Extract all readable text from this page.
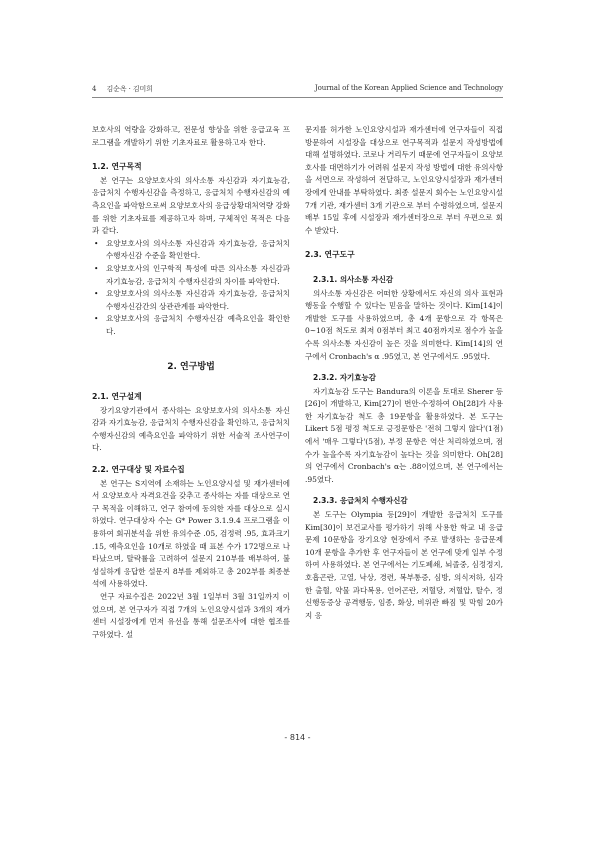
4 김순옥 · 김미희	Journal of the Korean Applied Science and Technology

보호사의 역량을 강화하고, 전문성 향상을 위한 응급교육 프로그램을 개발하기 위한 기초자료로 활용하고자 한다.

1.2. 연구목적

본 연구는 요양보호사의 의사소통 자신감과 자기효능감, 응급처치 수행자신감을 측정하고, 응급처치 수행자신감의 예측요인을 파악함으로써 요양보호사의 응급상황대처역량 강화를 위한 기초자료를 제공하고자 하며, 구체적인 목적은 다음과 같다.

• 요양보호사의 의사소통 자신감과 자기효능감, 응급처치 수행자신감 수준을 확인한다.
• 요양보호사의 인구학적 특성에 따른 의사소통 자신감과 자기효능감, 응급처치 수행자신감의 차이를 파악한다.
• 요양보호사의 의사소통 자신감과 자기효능감, 응급처치 수행자신감간의 상관관계를 파악한다.
• 요양보호사의 응급처치 수행자신감 예측요인을 확인한다.
2. 연구방법
2.1. 연구설계

장기요양기관에서 종사하는 요양보호사의 의사소통 자신감과 자기효능감, 응급처치 수행자신감을 확인하고, 응급처치 수행자신감의 예측요인을 파악하기 위한 서술적 조사연구이다.

2.2. 연구대상 및 자료수집

본 연구는 S지역에 소재하는 노인요양시설 및 재가센터에서 요양보호사 자격요건을 갖추고 종사하는 자를 대상으로 연구 목적을 이해하고, 연구 참여에 동의한 자를 대상으로 실시하였다. 연구대상자 수는 G* Power 3.1.9.4 프로그램을 이용하여 회귀분석을 위한 유의수준 .05, 검정력 .95, 효과크기 .15, 예측요인을 10개로 하였을 때 표본 수가 172명으로 나타났으며, 탈락률을 고려하여 설문지 210부를 배부하여, 불성실하게 응답한 설문지 8부를 제외하고 총 202부를 최종분석에 사용하였다.

연구 자료수집은 2022년 3월 1일부터 3월 31일까지 이었으며, 본 연구자가 직접 7개의 노인요양시설과 3개의 재가센터 시설장에게 먼저 유선을 통해 설문조사에 대한 협조를 구하였다. 설

문지를 허가한 노인요양시설과 재가센터에 연구자들이 직접 방문하여 시설장을 대상으로 연구목적과 설문지 작성방법에 대해 설명하였다. 코로나 거리두기 때문에 연구자들이 요양보호사를 대면하기가 어려워 설문지 작성 방법에 대한 유의사항을 서면으로 작성하여 전달하고, 노인요양시설장과 재가센터장에게 안내를 부탁하였다. 최종 설문지 회수는 노인요양시설 7개 기관, 재가센터 3개 기관으로 부터 수령하였으며, 설문지 배부 15일 후에 시설장과 재가센터장으로 부터 우편으로 회수 받았다.

2.3. 연구도구
2.3.1. 의사소통 자신감

의사소통 자신감은 어떠한 상황에서도 자신의 의사 표현과 행동을 수행할 수 있다는 믿음을 말하는 것이다. Kim[14]이 개발한 도구를 사용하였으며, 총 4개 문항으로 각 항목은 0~10점 척도로 최저 0점부터 최고 40점까지로 점수가 높을수록 의사소통 자신감이 높은 것을 의미한다. Kim[14]의 연구에서 Cronbach's α .95였고, 본 연구에서도 .95였다.

2.3.2. 자기효능감

자기효능감 도구는 Bandura의 이론을 토대로 Sherer 등[26]이 개발하고, Kim[27]이 번안·수정하여 Oh[28]가 사용한 자기효능감 척도 총 19문항을 활용하였다. 본 도구는 Likert 5점 평정 척도로 긍정문항은 '전혀 그렇지 않다'(1점)에서 '매우 그렇다'(5점), 부정 문항은 역산 처리하였으며, 점수가 높을수록 자기효능감이 높다는 것을 의미한다. Oh[28]의 연구에서 Cronbach's α는 .88이었으며, 본 연구에서는 .95였다.

2.3.3. 응급처치 수행자신감

본 도구는 Olympia 등[29]이 개발한 응급처치 도구를 Kim[30]이 보건교사를 평가하기 위해 사용한 학교 내 응급문제 10문항을 장기요양 현장에서 주로 발생하는 응급문제 10개 문항을 추가한 후 연구자들이 본 연구에 맞게 일부 수정하여 사용하였다. 본 연구에서는 기도폐쇄, 뇌졸중, 심정정지, 호흡곤란, 고열, 낙상, 경련, 복부통증, 심방, 의식저하, 심각한 출혈, 약물 과다복용, 언어곤란, 저혈당, 저혈압, 탈수, 정신행동증상 공격행동, 임종, 화상, 비위관 빠짐 및 막힘 20가지 응

- 814 -
